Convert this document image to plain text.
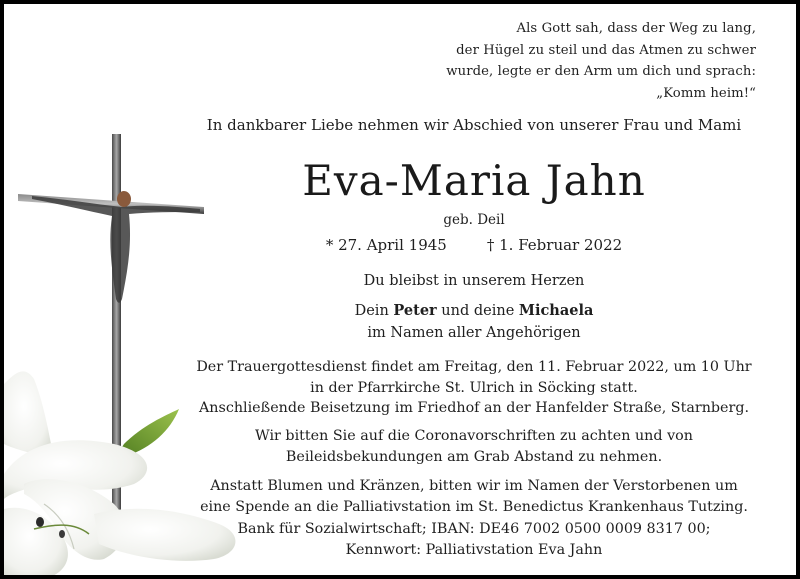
Als Gott sah, dass der Weg zu lang,
der Hügel zu steil und das Atmen zu schwer
wurde, legte er den Arm um dich und sprach:
„Komm heim!“
In dankbarer Liebe nehmen wir Abschied von unserer Frau und Mami
Eva-Maria Jahn
geb. Deil
* 27. April 1945	† 1. Februar 2022
Du bleibst in unserem Herzen
Dein Peter und deine Michaela
im Namen aller Angehörigen
Der Trauergottesdienst findet am Freitag, den 11. Februar 2022, um 10 Uhr
in der Pfarrkirche St. Ulrich in Söcking statt.
Anschließende Beisetzung im Friedhof an der Hanfelder Straße, Starnberg.
Wir bitten Sie auf die Coronavorschriften zu achten und von
Beileidsbekundungen am Grab Abstand zu nehmen.
Anstatt Blumen und Kränzen, bitten wir im Namen der Verstorbenen um
eine Spende an die Palliativstation im St. Benedictus Krankenhaus Tutzing.
Bank für Sozialwirtschaft; IBAN: DE46 7002 0500 0009 8317 00;
Kennwort: Palliativstation Eva Jahn
